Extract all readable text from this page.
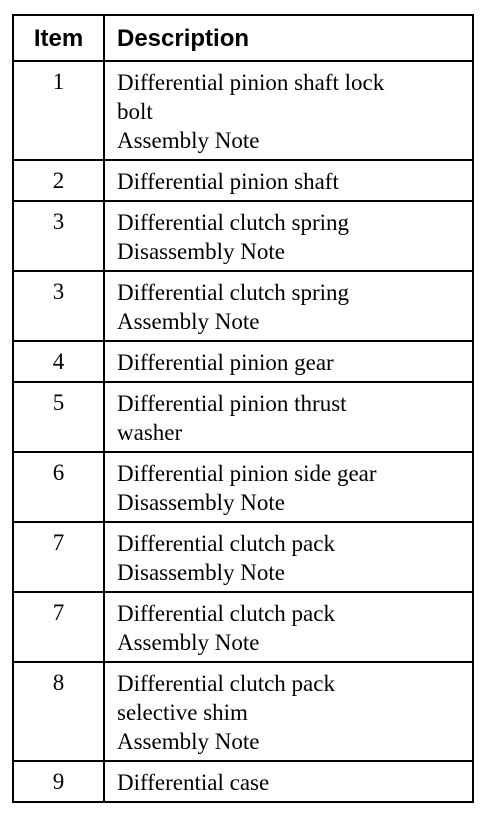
Item	Description
1	Differential pinion shaft lock
bolt
Assembly Note
2	Differential pinion shaft
3	Differential clutch spring
Disassembly Note
3	Differential clutch spring
Assembly Note
4	Differential pinion gear
5	Differential pinion thrust
washer
6	Differential pinion side gear
Disassembly Note
7	Differential clutch pack
Disassembly Note
7	Differential clutch pack
Assembly Note
8	Differential clutch pack
selective shim
Assembly Note
9	Differential case
